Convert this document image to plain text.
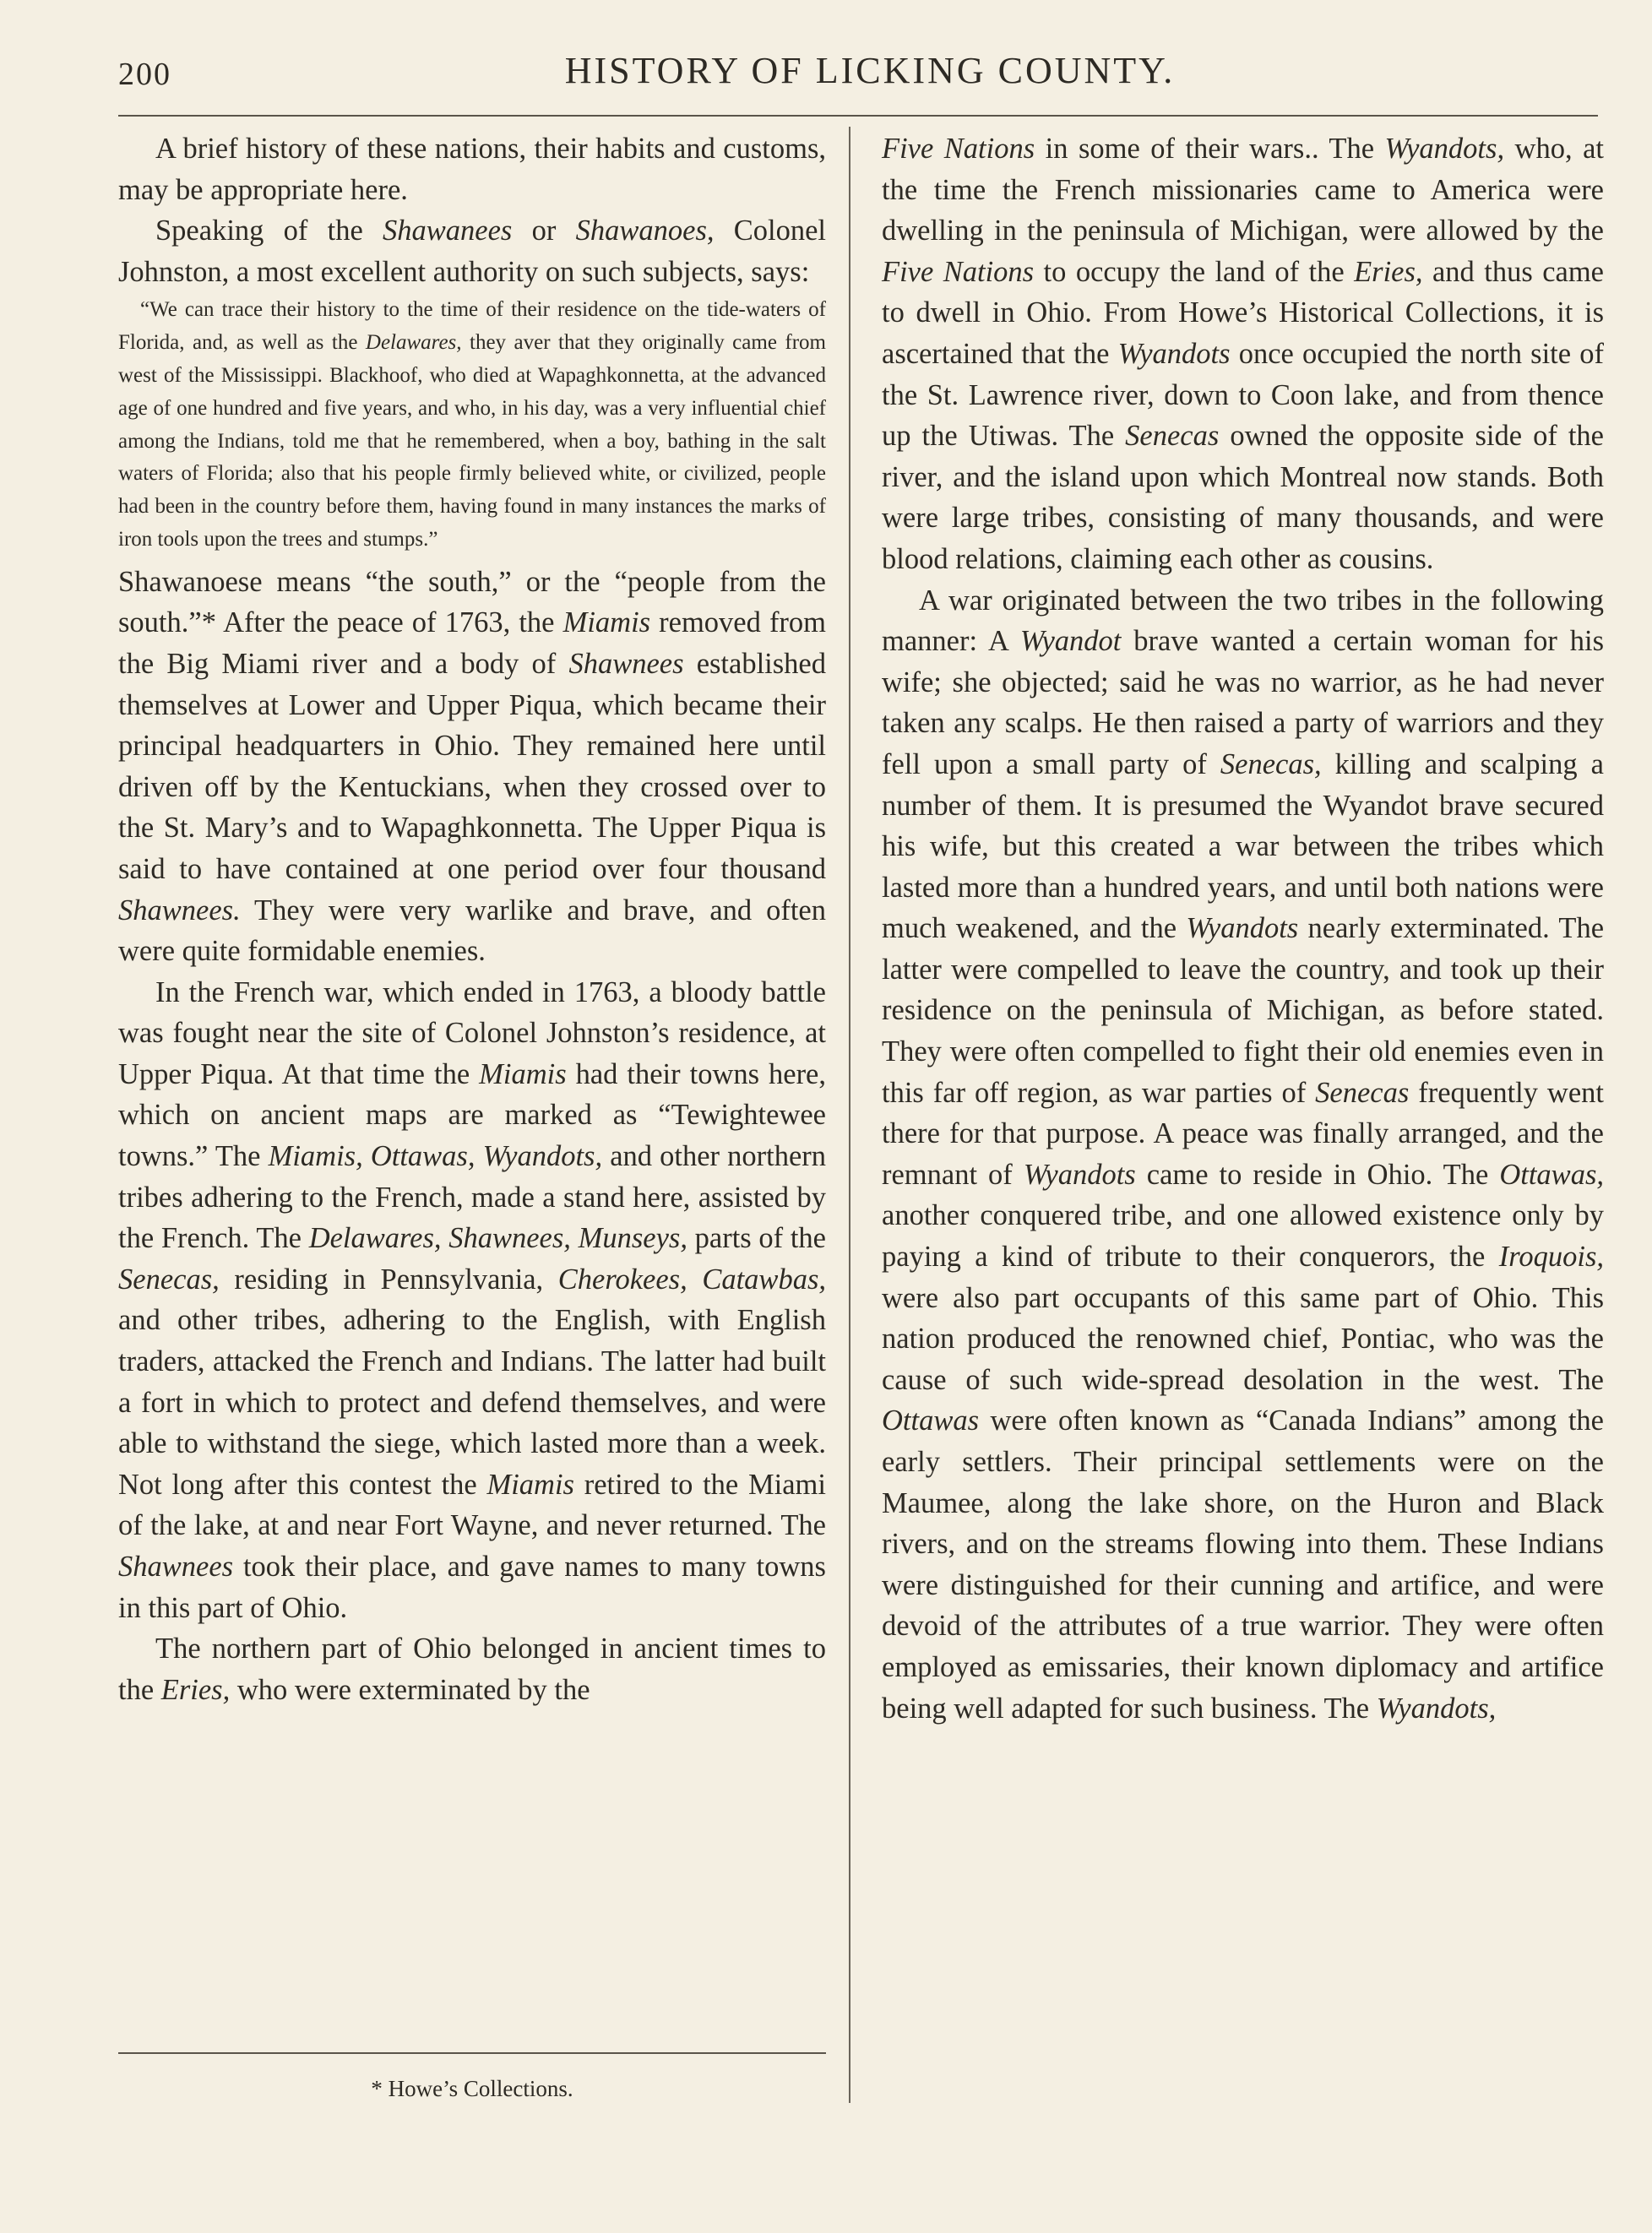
200	HISTORY OF LICKING COUNTY.

A brief history of these nations, their habits and customs, may be appropriate here.

Speaking of the Shawanees or Shawanoes, Colonel Johnston, a most excellent authority on such subjects, says:

“We can trace their history to the time of their residence on the tide-waters of Florida, and, as well as the Delawares, they aver that they originally came from west of the Mississippi. Blackhoof, who died at Wapaghkonnetta, at the advanced age of one hundred and five years, and who, in his day, was a very influential chief among the Indians, told me that he remembered, when a boy, bathing in the salt waters of Florida; also that his people firmly believed white, or civilized, people had been in the country before them, having found in many instances the marks of iron tools upon the trees and stumps.”

Shawanoese means “the south,” or the “people from the south.”* After the peace of 1763, the Miamis removed from the Big Miami river and a body of Shawnees established themselves at Lower and Upper Piqua, which became their principal headquarters in Ohio. They remained here until driven off by the Kentuckians, when they crossed over to the St. Mary’s and to Wapaghkonnetta. The Upper Piqua is said to have contained at one period over four thousand Shawnees. They were very warlike and brave, and often were quite formidable enemies.

In the French war, which ended in 1763, a bloody battle was fought near the site of Colonel Johnston’s residence, at Upper Piqua. At that time the Miamis had their towns here, which on ancient maps are marked as “Tewightewee towns.” The Miamis, Ottawas, Wyandots, and other northern tribes adhering to the French, made a stand here, assisted by the French. The Delawares, Shawnees, Munseys, parts of the Senecas, residing in Pennsylvania, Cherokees, Catawbas, and other tribes, adhering to the English, with English traders, attacked the French and Indians. The latter had built a fort in which to protect and defend themselves, and were able to withstand the siege, which lasted more than a week. Not long after this contest the Miamis retired to the Miami of the lake, at and near Fort Wayne, and never returned. The Shawnees took their place, and gave names to many towns in this part of Ohio.

The northern part of Ohio belonged in ancient times to the Eries, who were exterminated by the

Five Nations in some of their wars.. The Wyandots, who, at the time the French missionaries came to America were dwelling in the peninsula of Michigan, were allowed by the Five Nations to occupy the land of the Eries, and thus came to dwell in Ohio. From Howe’s Historical Collections, it is ascertained that the Wyandots once occupied the north site of the St. Lawrence river, down to Coon lake, and from thence up the Utiwas. The Senecas owned the opposite side of the river, and the island upon which Montreal now stands. Both were large tribes, consisting of many thousands, and were blood relations, claiming each other as cousins.

A war originated between the two tribes in the following manner: A Wyandot brave wanted a certain woman for his wife; she objected; said he was no warrior, as he had never taken any scalps. He then raised a party of warriors and they fell upon a small party of Senecas, killing and scalping a number of them. It is presumed the Wyandot brave secured his wife, but this created a war between the tribes which lasted more than a hundred years, and until both nations were much weakened, and the Wyandots nearly exterminated. The latter were compelled to leave the country, and took up their residence on the peninsula of Michigan, as before stated. They were often compelled to fight their old enemies even in this far off region, as war parties of Senecas frequently went there for that purpose. A peace was finally arranged, and the remnant of Wyandots came to reside in Ohio. The Ottawas, another conquered tribe, and one allowed existence only by paying a kind of tribute to their conquerors, the Iroquois, were also part occupants of this same part of Ohio. This nation produced the renowned chief, Pontiac, who was the cause of such wide-spread desolation in the west. The Ottawas were often known as “Canada Indians” among the early settlers. Their principal settlements were on the Maumee, along the lake shore, on the Huron and Black rivers, and on the streams flowing into them. These Indians were distinguished for their cunning and artifice, and were devoid of the attributes of a true warrior. They were often employed as emissaries, their known diplomacy and artifice being well adapted for such business. The Wyandots,

* Howe’s Collections.
